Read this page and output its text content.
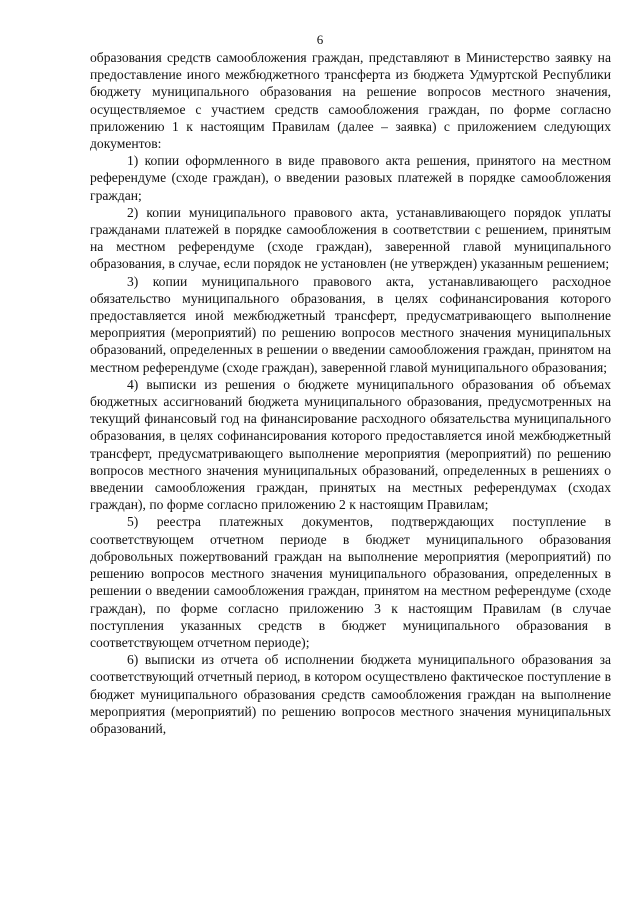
6

образования средств самообложения граждан, представляют в Министерство заявку на предоставление иного межбюджетного трансферта из бюджета Удмуртской Республики бюджету муниципального образования на решение вопросов местного значения, осуществляемое с участием средств самообложения граждан, по форме согласно приложению 1 к настоящим Правилам (далее – заявка) с приложением следующих документов:

1) копии оформленного в виде правового акта решения, принятого на местном референдуме (сходе граждан), о введении разовых платежей в порядке самообложения граждан;

2) копии муниципального правового акта, устанавливающего порядок уплаты гражданами платежей в порядке самообложения в соответствии с решением, принятым на местном референдуме (сходе граждан), заверенной главой муниципального образования, в случае, если порядок не установлен (не утвержден) указанным решением;

3) копии муниципального правового акта, устанавливающего расходное обязательство муниципального образования, в целях софинансирования которого предоставляется иной межбюджетный трансферт, предусматривающего выполнение мероприятия (мероприятий) по решению вопросов местного значения муниципальных образований, определенных в решении о введении самообложения граждан, принятом на местном референдуме (сходе граждан), заверенной главой муниципального образования;

4) выписки из решения о бюджете муниципального образования об объемах бюджетных ассигнований бюджета муниципального образования, предусмотренных на текущий финансовый год на финансирование расходного обязательства муниципального образования, в целях софинансирования которого предоставляется иной межбюджетный трансферт, предусматривающего выполнение мероприятия (мероприятий) по решению вопросов местного значения муниципальных образований, определенных в решениях о введении самообложения граждан, принятых на местных референдумах (сходах граждан), по форме согласно приложению 2 к настоящим Правилам;

5) реестра платежных документов, подтверждающих поступление в соответствующем отчетном периоде в бюджет муниципального образования добровольных пожертвований граждан на выполнение мероприятия (мероприятий) по решению вопросов местного значения муниципального образования, определенных в решении о введении самообложения граждан, принятом на местном референдуме (сходе граждан), по форме согласно приложению 3 к настоящим Правилам (в случае поступления указанных средств в бюджет муниципального образования в соответствующем отчетном периоде);

6) выписки из отчета об исполнении бюджета муниципального образования за соответствующий отчетный период, в котором осуществлено фактическое поступление в бюджет муниципального образования средств самообложения граждан на выполнение мероприятия (мероприятий) по решению вопросов местного значения муниципальных образований,
